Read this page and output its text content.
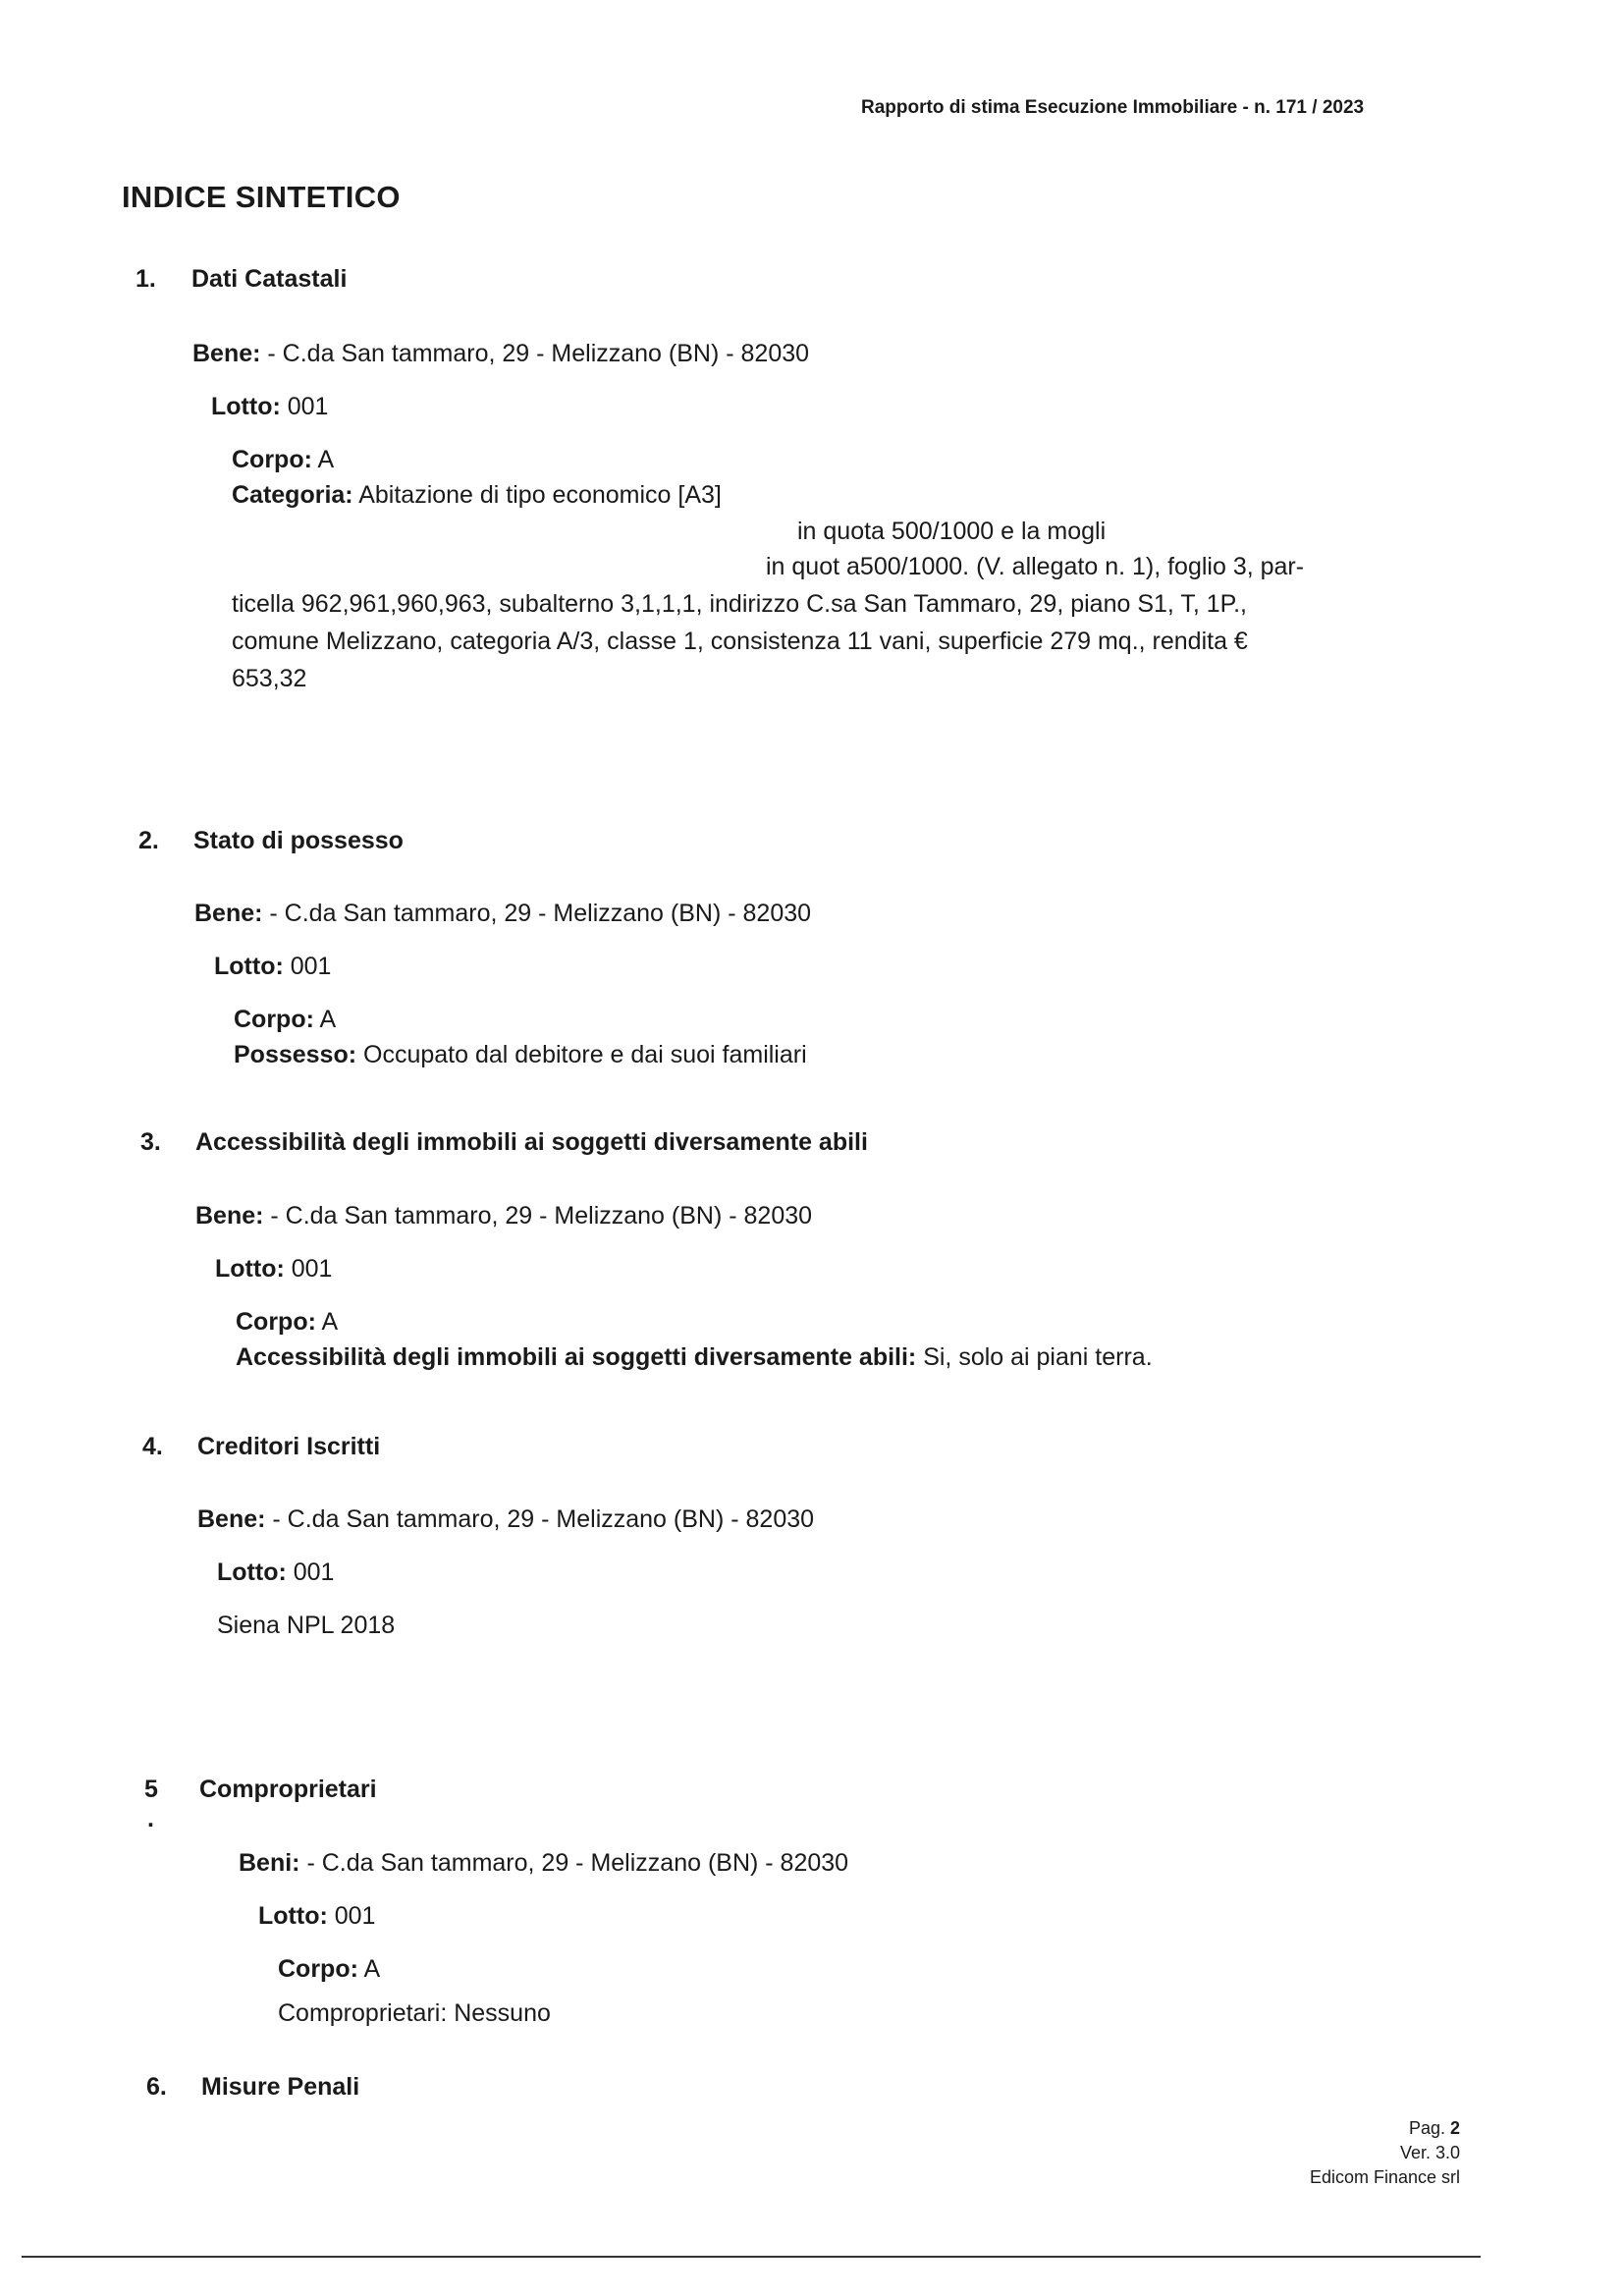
Rapporto di stima Esecuzione Immobiliare - n. 171 / 2023
INDICE SINTETICO
1. Dati Catastali
Bene: - C.da San tammaro, 29 - Melizzano (BN) - 82030
Lotto: 001
Corpo: A
Categoria: Abitazione di tipo economico [A3]
in quota 500/1000 e la mogli
in quot a500/1000. (V. allegato n. 1), foglio 3, par-
ticella 962,961,960,963, subalterno 3,1,1,1, indirizzo C.sa San Tammaro, 29, piano S1, T, 1P.,
comune Melizzano, categoria A/3, classe 1, consistenza 11 vani, superficie 279 mq., rendita €
653,32
2. Stato di possesso
Bene: - C.da San tammaro, 29 - Melizzano (BN) - 82030
Lotto: 001
Corpo: A
Possesso: Occupato dal debitore e dai suoi familiari
3. Accessibilità degli immobili ai soggetti diversamente abili
Bene: - C.da San tammaro, 29 - Melizzano (BN) - 82030
Lotto: 001
Corpo: A
Accessibilità degli immobili ai soggetti diversamente abili: Si, solo ai piani terra.
4. Creditori Iscritti
Bene: - C.da San tammaro, 29 - Melizzano (BN) - 82030
Lotto: 001
Siena NPL 2018
5
.
Comproprietari
Beni: - C.da San tammaro, 29 - Melizzano (BN) - 82030
Lotto: 001
Corpo: A
Comproprietari: Nessuno
6. Misure Penali
Pag. 2
Ver. 3.0
Edicom Finance srl
